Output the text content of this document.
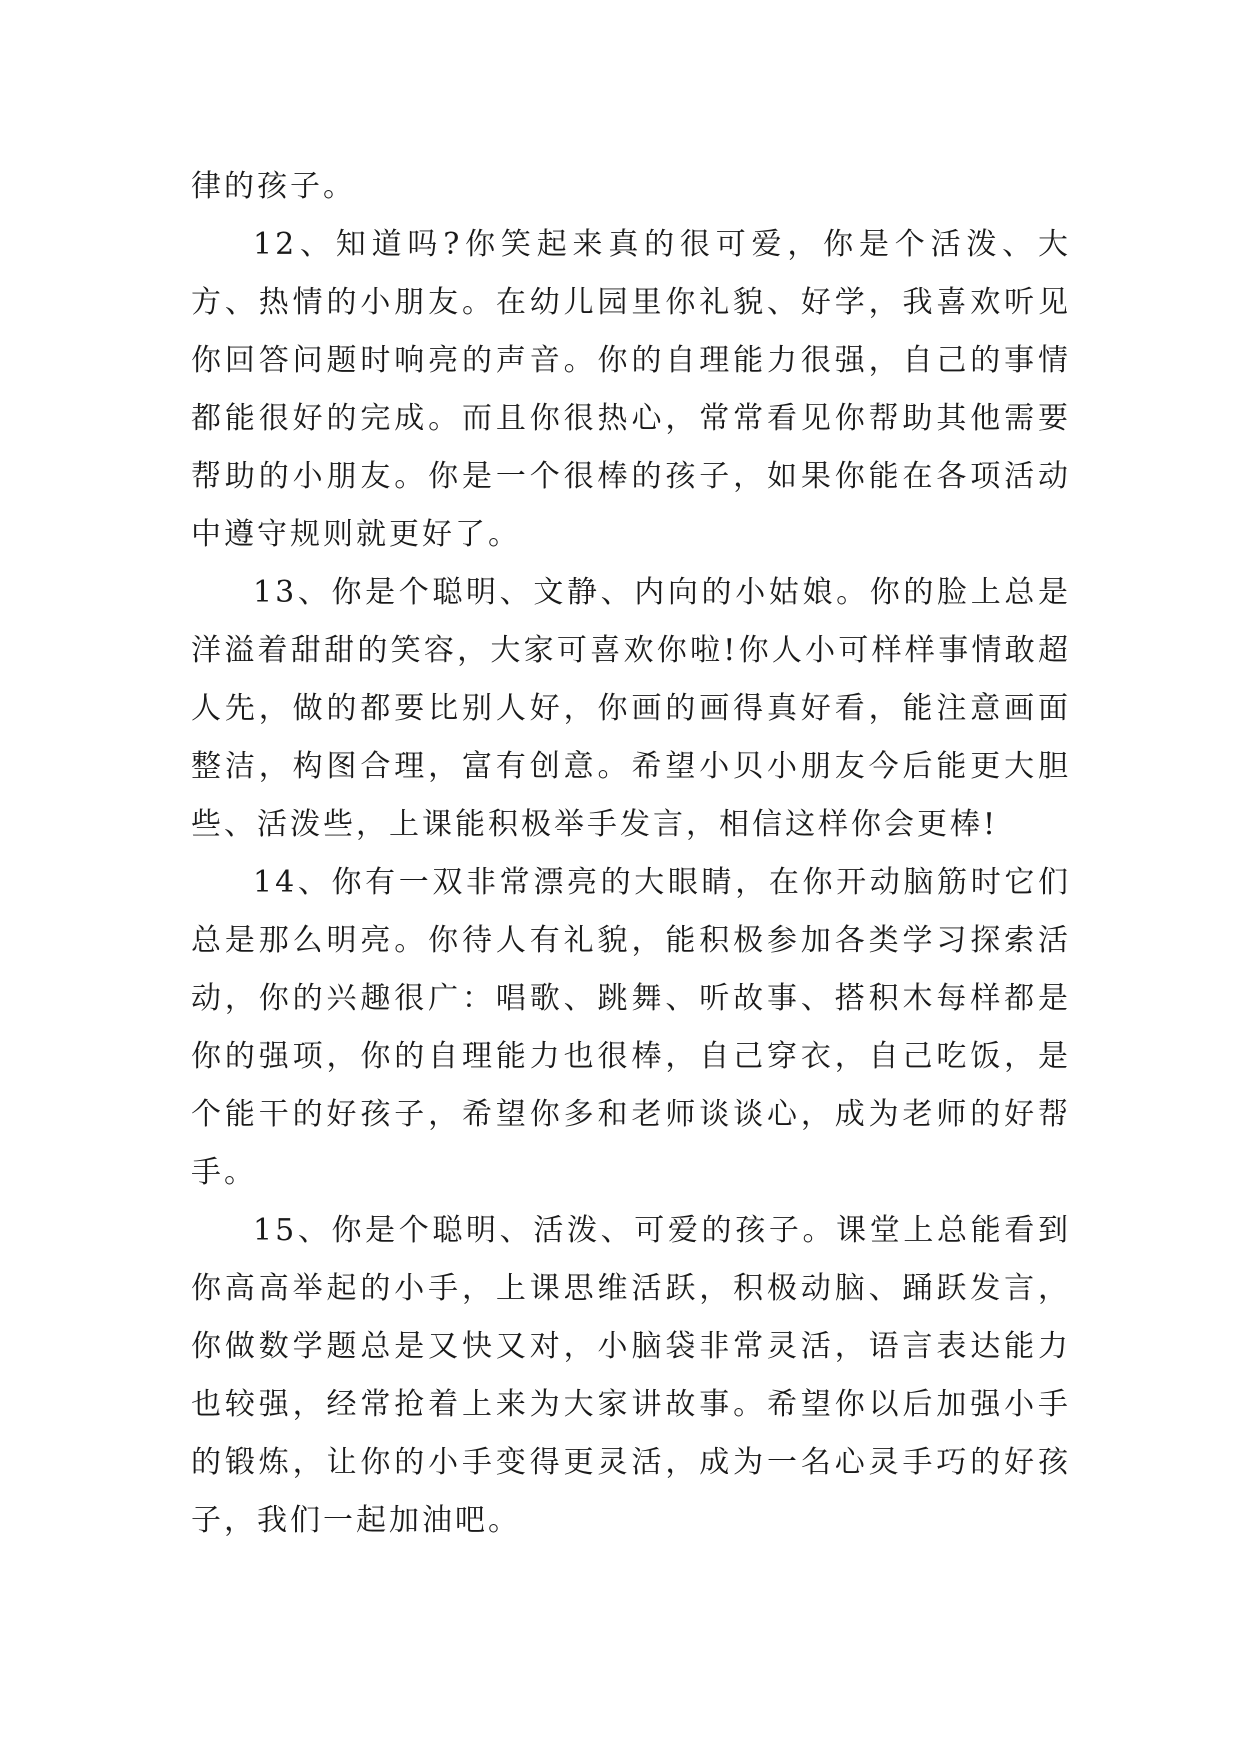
律的孩子。

12、知道吗?你笑起来真的很可爱，你是个活泼、大方、热情的小朋友。在幼儿园里你礼貌、好学，我喜欢听见你回答问题时响亮的声音。你的自理能力很强，自己的事情都能很好的完成。而且你很热心，常常看见你帮助其他需要帮助的小朋友。你是一个很棒的孩子，如果你能在各项活动中遵守规则就更好了。

13、你是个聪明、文静、内向的小姑娘。你的脸上总是洋溢着甜甜的笑容，大家可喜欢你啦!你人小可样样事情敢超人先，做的都要比别人好，你画的画得真好看，能注意画面整洁，构图合理，富有创意。希望小贝小朋友今后能更大胆些、活泼些，上课能积极举手发言，相信这样你会更棒!

14、你有一双非常漂亮的大眼睛，在你开动脑筋时它们总是那么明亮。你待人有礼貌，能积极参加各类学习探索活动，你的兴趣很广：唱歌、跳舞、听故事、搭积木每样都是你的强项，你的自理能力也很棒，自己穿衣，自己吃饭，是个能干的好孩子，希望你多和老师谈谈心，成为老师的好帮手。

15、你是个聪明、活泼、可爱的孩子。课堂上总能看到你高高举起的小手，上课思维活跃，积极动脑、踊跃发言，你做数学题总是又快又对，小脑袋非常灵活，语言表达能力也较强，经常抢着上来为大家讲故事。希望你以后加强小手的锻炼，让你的小手变得更灵活，成为一名心灵手巧的好孩子，我们一起加油吧。
